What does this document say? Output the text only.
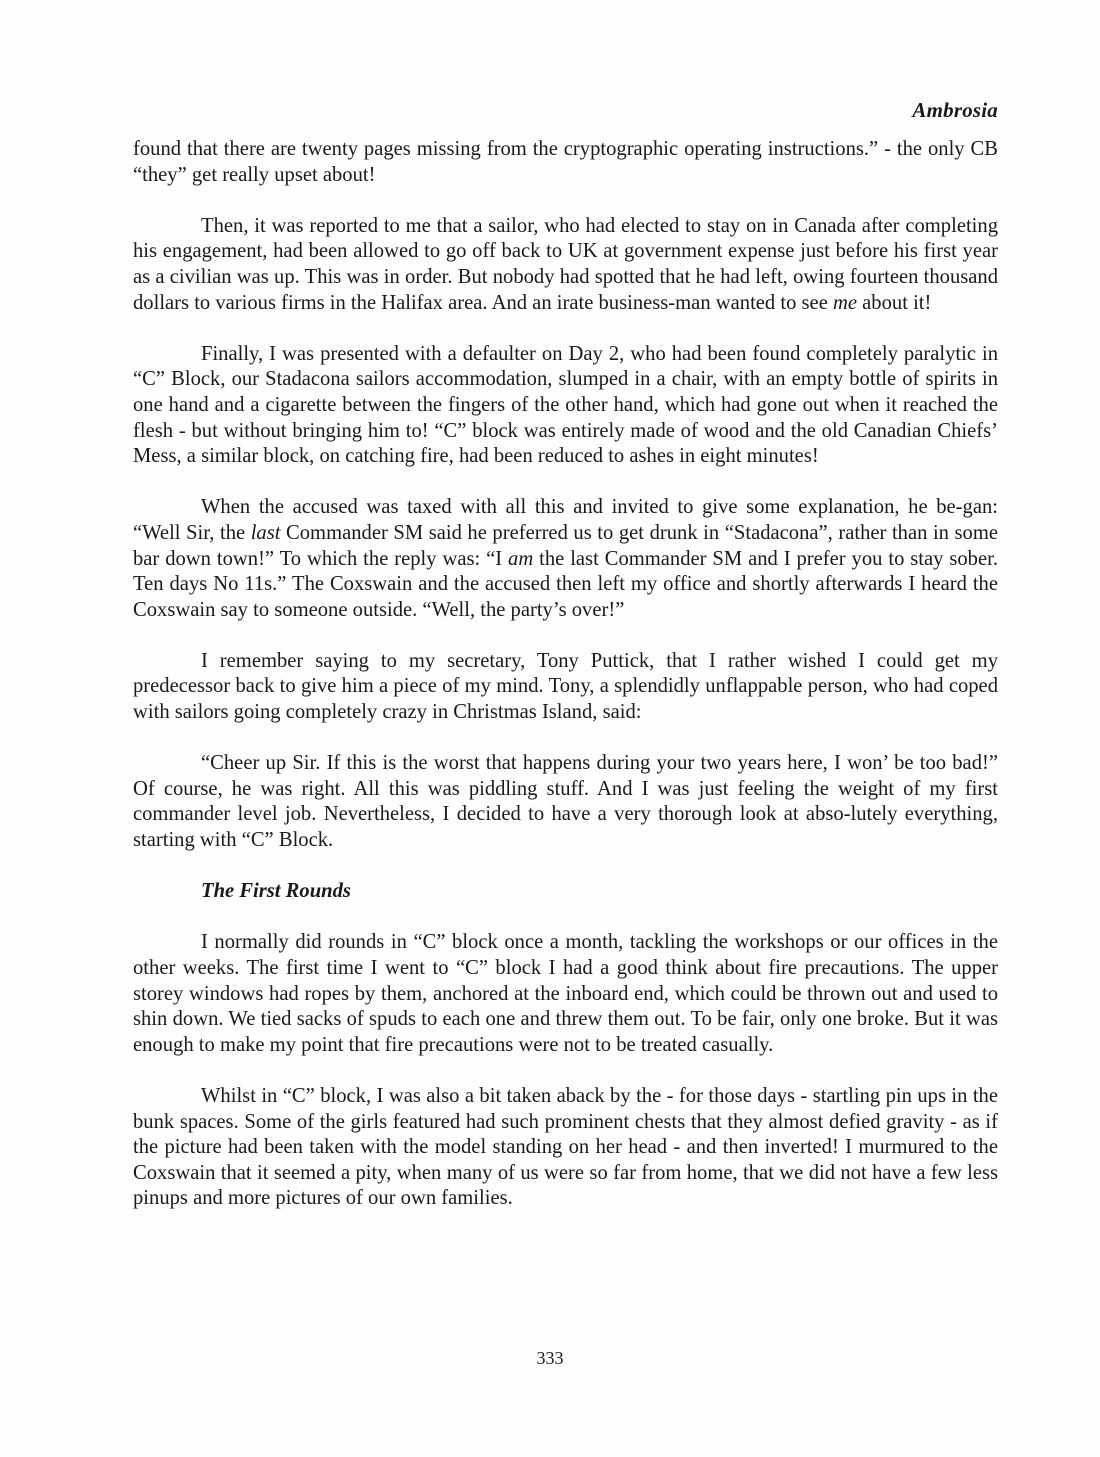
Ambrosia

found that there are twenty pages missing from the cryptographic operating instructions.” - the only CB “they” get really upset about!

Then, it was reported to me that a sailor, who had elected to stay on in Canada after completing his engagement, had been allowed to go off back to UK at government expense just before his first year as a civilian was up. This was in order. But nobody had spotted that he had left, owing fourteen thousand dollars to various firms in the Halifax area. And an irate business-man wanted to see me about it!

Finally, I was presented with a defaulter on Day 2, who had been found completely paralytic in “C” Block, our Stadacona sailors accommodation, slumped in a chair, with an empty bottle of spirits in one hand and a cigarette between the fingers of the other hand, which had gone out when it reached the flesh - but without bringing him to! “C” block was entirely made of wood and the old Canadian Chiefs’ Mess, a similar block, on catching fire, had been reduced to ashes in eight minutes!

When the accused was taxed with all this and invited to give some explanation, he be-gan: “Well Sir, the last Commander SM said he preferred us to get drunk in “Stadacona”, rather than in some bar down town!” To which the reply was: “I am the last Commander SM and I prefer you to stay sober. Ten days No 11s.” The Coxswain and the accused then left my office and shortly afterwards I heard the Coxswain say to someone outside. “Well, the party’s over!”

I remember saying to my secretary, Tony Puttick, that I rather wished I could get my predecessor back to give him a piece of my mind. Tony, a splendidly unflappable person, who had coped with sailors going completely crazy in Christmas Island, said:

“Cheer up Sir. If this is the worst that happens during your two years here, I won’ be too bad!” Of course, he was right. All this was piddling stuff. And I was just feeling the weight of my first commander level job. Nevertheless, I decided to have a very thorough look at abso-lutely everything, starting with “C” Block.

The First Rounds

I normally did rounds in “C” block once a month, tackling the workshops or our offices in the other weeks. The first time I went to “C” block I had a good think about fire precautions. The upper storey windows had ropes by them, anchored at the inboard end, which could be thrown out and used to shin down. We tied sacks of spuds to each one and threw them out. To be fair, only one broke. But it was enough to make my point that fire precautions were not to be treated casually.

Whilst in “C” block, I was also a bit taken aback by the - for those days - startling pin ups in the bunk spaces. Some of the girls featured had such prominent chests that they almost defied gravity - as if the picture had been taken with the model standing on her head - and then inverted! I murmured to the Coxswain that it seemed a pity, when many of us were so far from home, that we did not have a few less pinups and more pictures of our own families.

333
